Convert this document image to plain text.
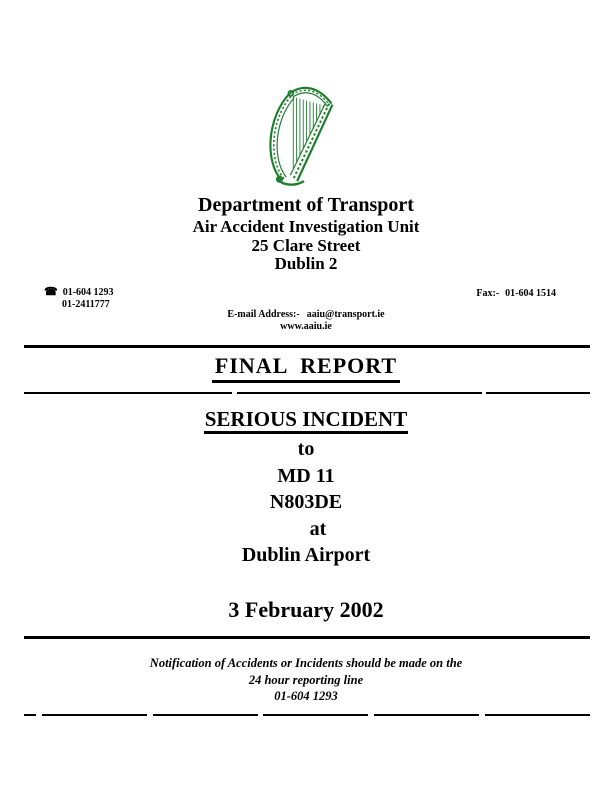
Department of Transport
Air Accident Investigation Unit
25 Clare Street
Dublin 2
☎ 01-604 1293
01-2411777
Fax:- 01-604 1514
E-mail Address:- aaiu@transport.ie
www.aaiu.ie
FINAL  REPORT
SERIOUS INCIDENT
to
MD 11
N803DE
at
Dublin Airport
3 February 2002
Notification of Accidents or Incidents should be made on the
24 hour reporting line
01-604 1293
